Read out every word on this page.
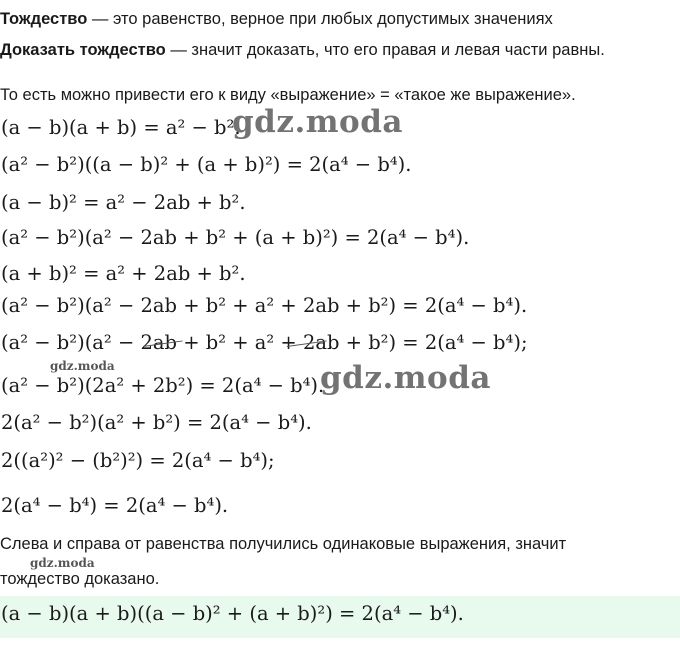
Тождество — это равенство, верное при любых допустимых значениях
Доказать тождество — значит доказать, что его правая и левая части равны.
То есть можно привести его к виду «выражение» = «такое же выражение».
(a − b)(a + b) = a² − b².
(a² − b²)((a − b)² + (a + b)²) = 2(a⁴ − b⁴).
(a − b)² = a² − 2ab + b².
(a² − b²)(a² − 2ab + b² + (a + b)²) = 2(a⁴ − b⁴).
(a + b)² = a² + 2ab + b².
(a² − b²)(a² − 2ab + b² + a² + 2ab + b²) = 2(a⁴ − b⁴).
(a² − b²)(a² − 2ab + b² + a² + 2ab + b²) = 2(a⁴ − b⁴);
(a² − b²)(2a² + 2b²) = 2(a⁴ − b⁴).
2(a² − b²)(a² + b²) = 2(a⁴ − b⁴).
2((a²)² − (b²)²) = 2(a⁴ − b⁴);
2(a⁴ − b⁴) = 2(a⁴ − b⁴).
Слева и справа от равенства получились одинаковые выражения, значит
тождество доказано.
(a − b)(a + b)((a − b)² + (a + b)²) = 2(a⁴ − b⁴).
gdz.moda
gdz.moda
gdz.moda
gdz.moda
